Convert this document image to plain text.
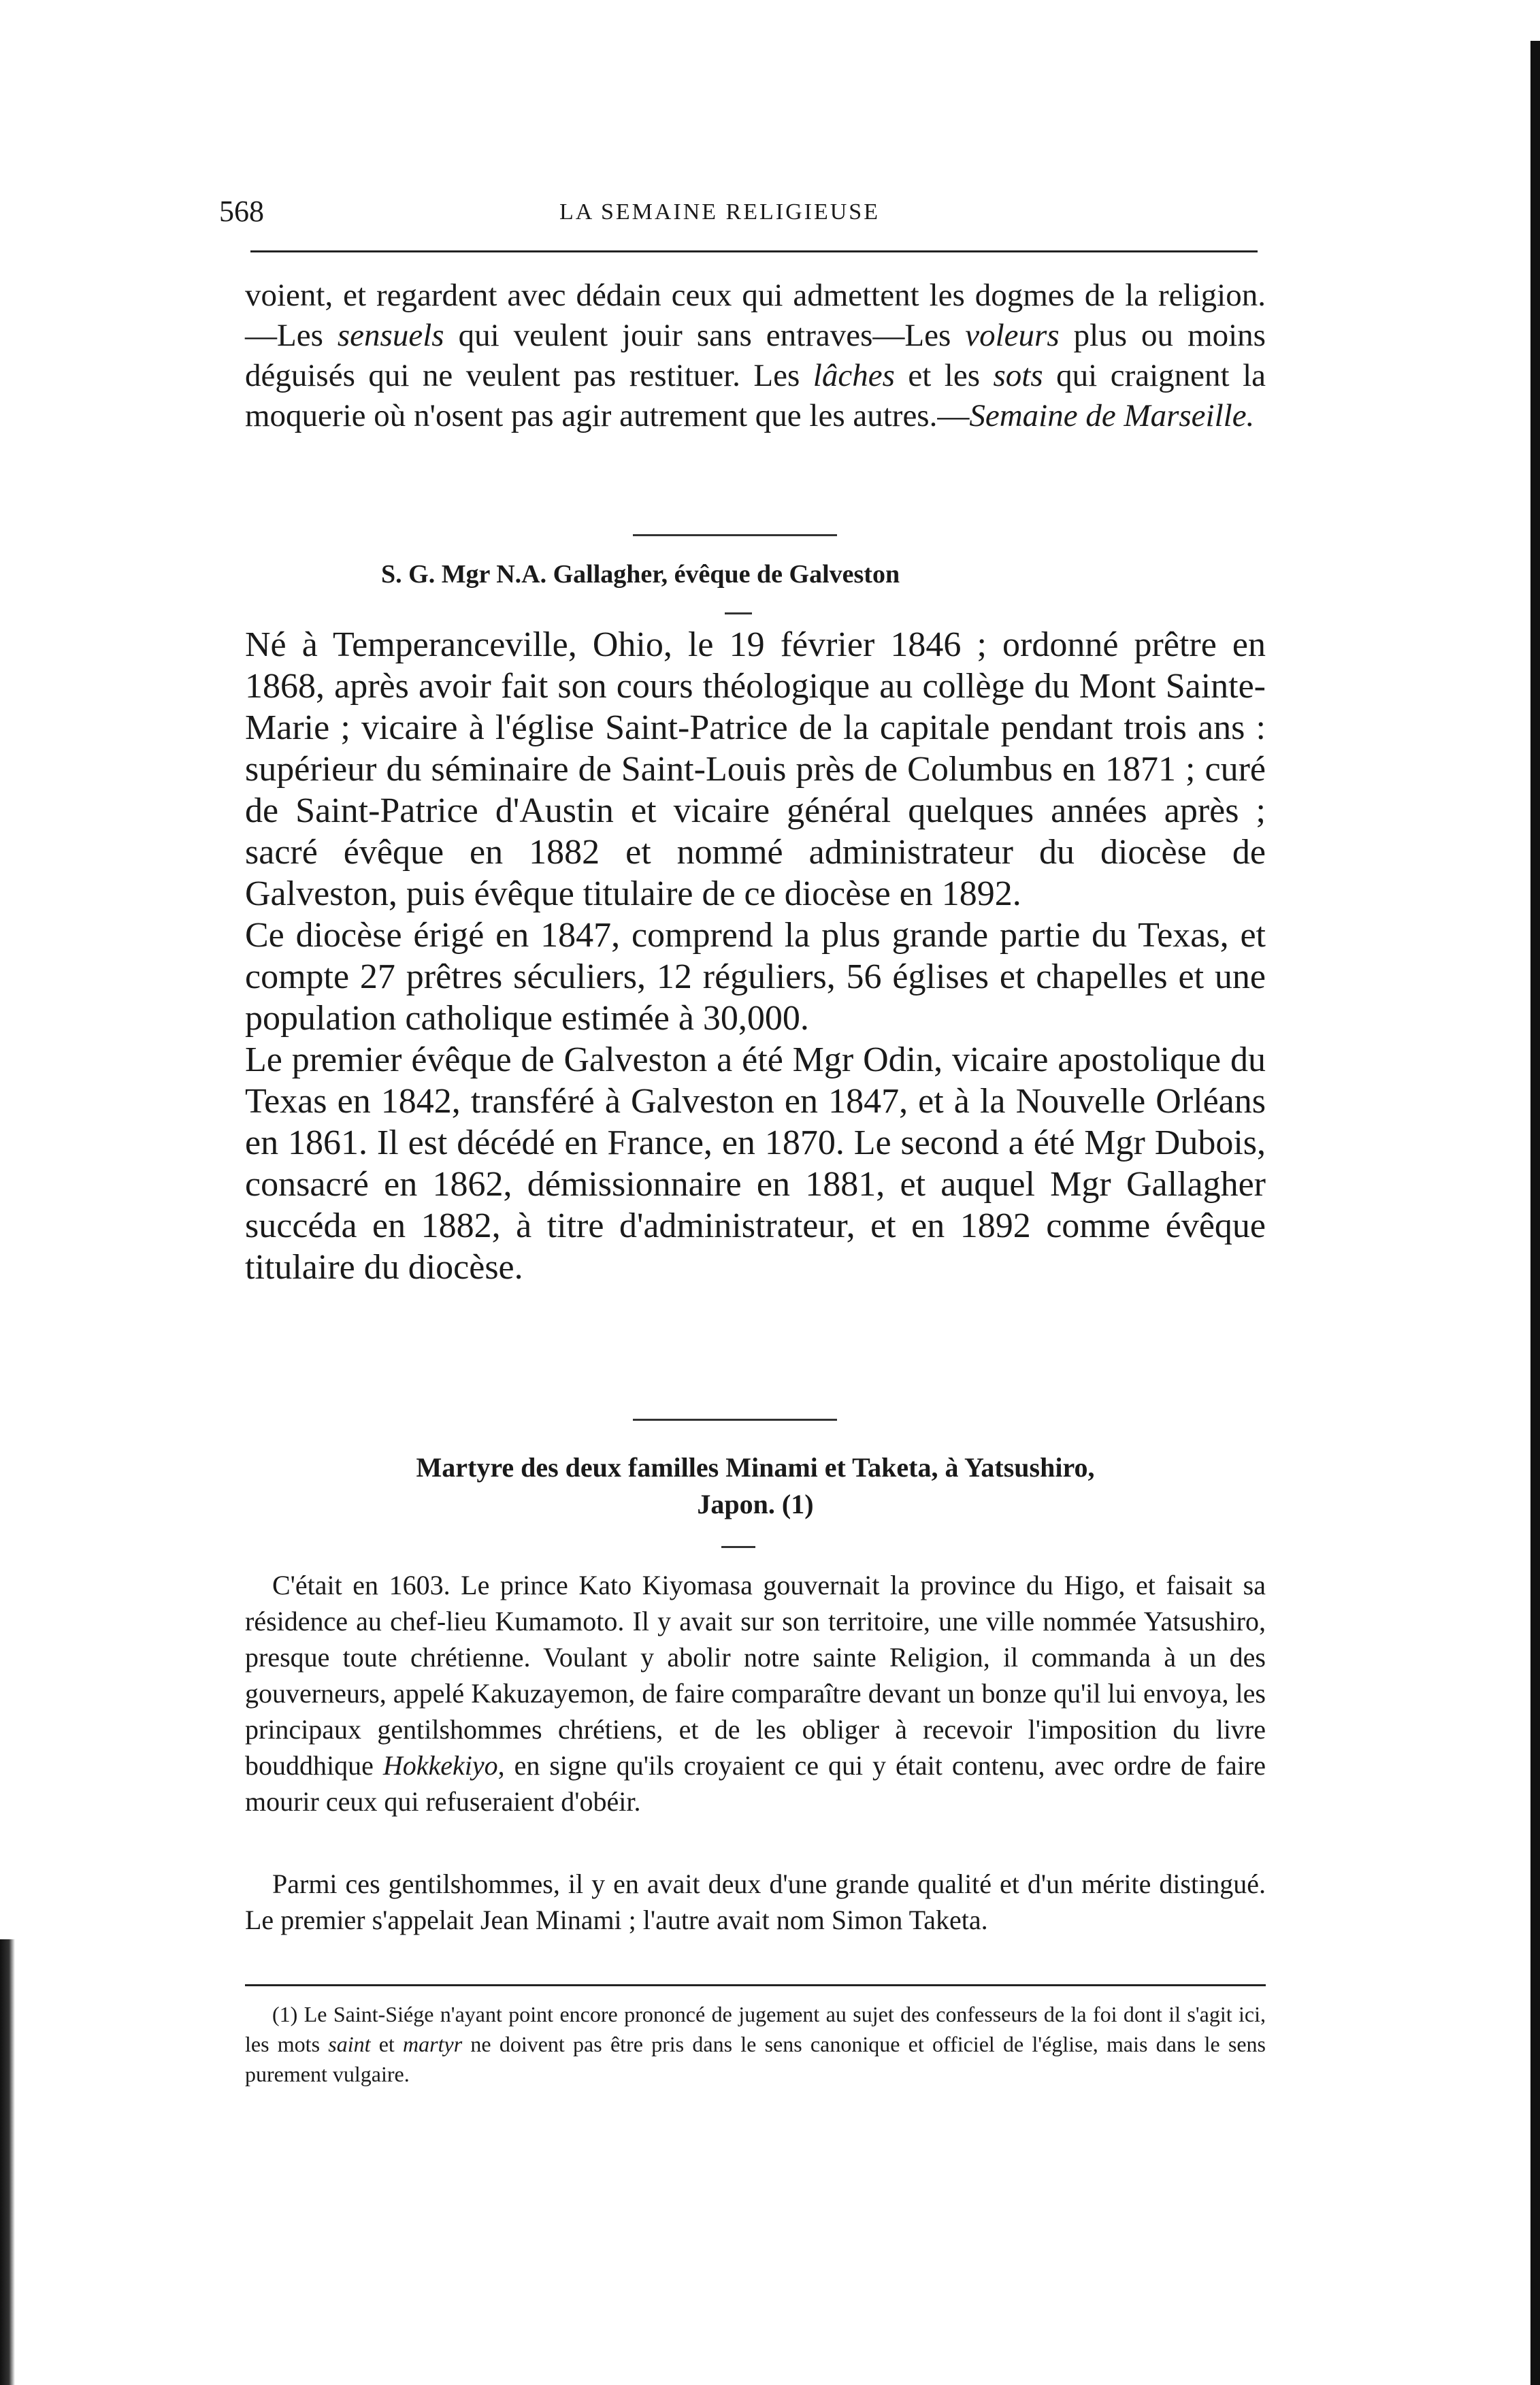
568	LA SEMAINE RELIGIEUSE
voient, et regardent avec dédain ceux qui admettent les dogmes de la religion.—Les sensuels qui veulent jouir sans entraves—Les voleurs plus ou moins déguisés qui ne veulent pas restituer. Les lâches et les sots qui craignent la moquerie où n'osent pas agir autrement que les autres.—Semaine de Marseille.
S. G. Mgr N.A. Gallagher, évêque de Galveston

Né à Temperanceville, Ohio, le 19 février 1846 ; ordonné prêtre en 1868, après avoir fait son cours théologique au collège du Mont Sainte-Marie ; vicaire à l'église Saint-Patrice de la capitale pendant trois ans : supérieur du séminaire de Saint-Louis près de Columbus en 1871 ; curé de Saint-Patrice d'Austin et vicaire général quelques années après ; sacré évêque en 1882 et nommé administrateur du diocèse de Galveston, puis évêque titulaire de ce diocèse en 1892.

Ce diocèse érigé en 1847, comprend la plus grande partie du Texas, et compte 27 prêtres séculiers, 12 réguliers, 56 églises et chapelles et une population catholique estimée à 30,000.

Le premier évêque de Galveston a été Mgr Odin, vicaire apostolique du Texas en 1842, transféré à Galveston en 1847, et à la Nouvelle Orléans en 1861. Il est décédé en France, en 1870. Le second a été Mgr Dubois, consacré en 1862, démissionnaire en 1881, et auquel Mgr Gallagher succéda en 1882, à titre d'administrateur, et en 1892 comme évêque titulaire du diocèse.

Martyre des deux familles Minami et Taketa, à Yatsushiro,
Japon. (1)

C'était en 1603. Le prince Kato Kiyomasa gouvernait la province du Higo, et faisait sa résidence au chef-lieu Kumamoto. Il y avait sur son territoire, une ville nommée Yatsushiro, presque toute chrétienne. Voulant y abolir notre sainte Religion, il commanda à un des gouverneurs, appelé Kakuzayemon, de faire comparaître devant un bonze qu'il lui envoya, les principaux gentilshommes chrétiens, et de les obliger à recevoir l'imposition du livre bouddhique Hokkekiyo, en signe qu'ils croyaient ce qui y était contenu, avec ordre de faire mourir ceux qui refuseraient d'obéir.

Parmi ces gentilshommes, il y en avait deux d'une grande qualité et d'un mérite distingué. Le premier s'appelait Jean Minami ; l'autre avait nom Simon Taketa.

(1) Le Saint-Siége n'ayant point encore prononcé de jugement au sujet des confesseurs de la foi dont il s'agit ici, les mots saint et martyr ne doivent pas être pris dans le sens canonique et officiel de l'église, mais dans le sens purement vulgaire.
